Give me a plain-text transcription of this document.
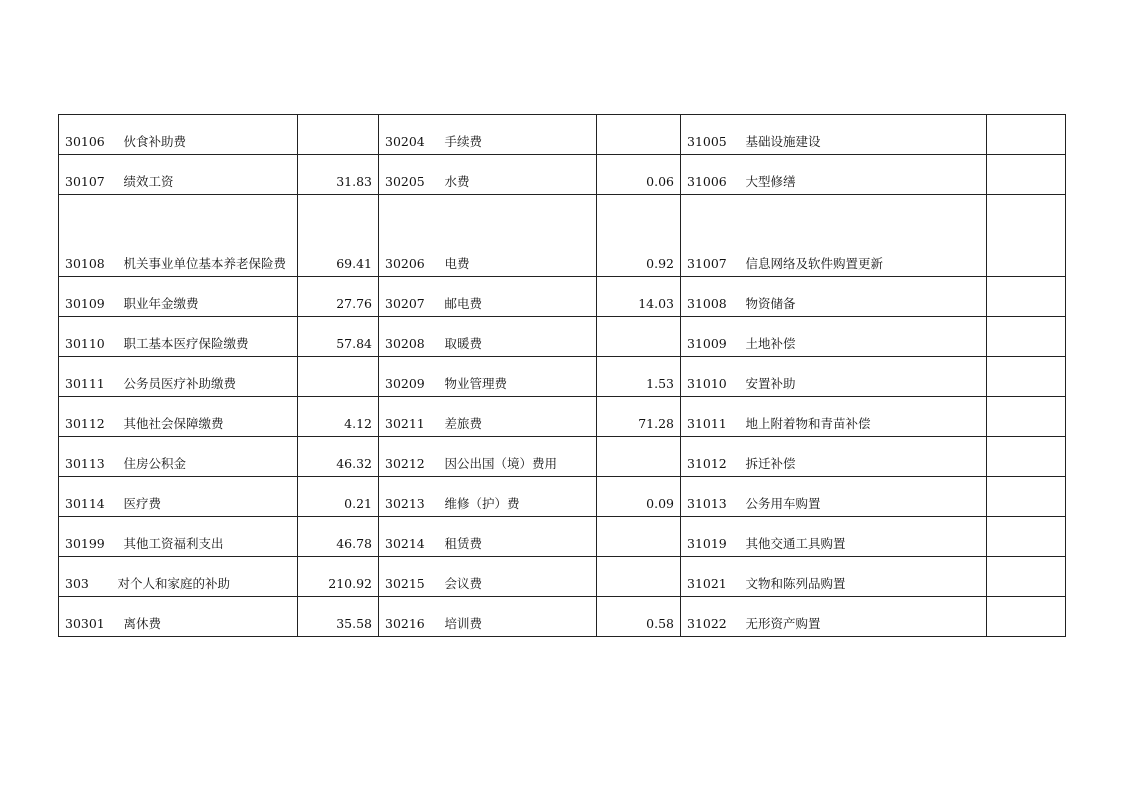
30106	伙食补助费		30204	手续费		31005	基础设施建设	
30107	绩效工资	31.83	30205	水费	0.06	31006	大型修缮	
30108	机关事业单位基本养老保险费	69.41	30206	电费	0.92	31007	信息网络及软件购置更新	
30109	职业年金缴费	27.76	30207	邮电费	14.03	31008	物资储备	
30110	职工基本医疗保险缴费	57.84	30208	取暖费		31009	土地补偿	
30111	公务员医疗补助缴费		30209	物业管理费	1.53	31010	安置补助	
30112	其他社会保障缴费	4.12	30211	差旅费	71.28	31011	地上附着物和青苗补偿	
30113	住房公积金	46.32	30212	因公出国（境）费用		31012	拆迁补偿	
30114	医疗费	0.21	30213	维修（护）费	0.09	31013	公务用车购置	
30199	其他工资福利支出	46.78	30214	租赁费		31019	其他交通工具购置	
303	对个人和家庭的补助	210.92	30215	会议费		31021	文物和陈列品购置	
30301	离休费	35.58	30216	培训费	0.58	31022	无形资产购置	
